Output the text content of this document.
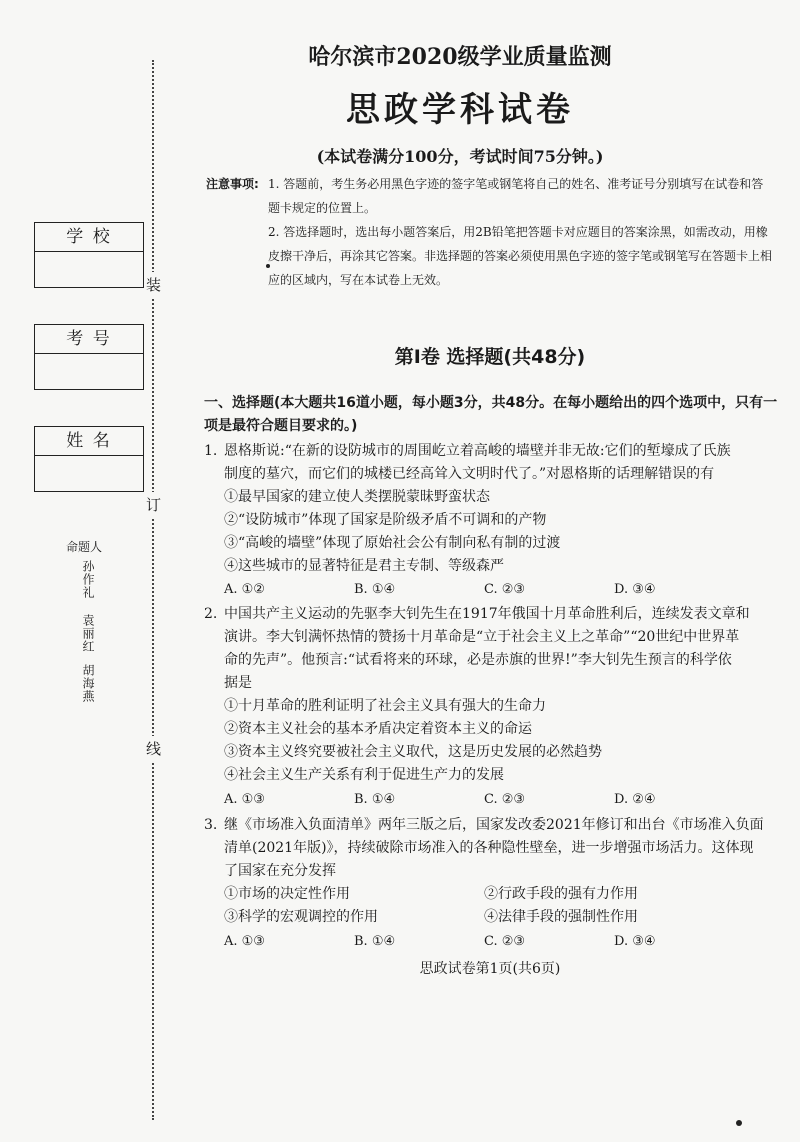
装
订
线
学 校
考 号
姓 名
命题人
孙作礼
袁丽红
胡海燕
哈尔滨市2020级学业质量监测
思政学科试卷
(本试卷满分100分，考试时间75分钟。)
注意事项: 1. 答题前，考生务必用黑色字迹的签字笔或钢笔将自己的姓名、准考证号分别填写在试卷和答题卡规定的位置上。
2. 答选择题时，选出每小题答案后，用2B铅笔把答题卡对应题目的答案涂黑，如需改动，用橡皮擦干净后，再涂其它答案。非选择题的答案必须使用黑色字迹的签字笔或钢笔写在答题卡上相应的区域内，写在本试卷上无效。
第Ⅰ卷 选择题(共48分)
一、选择题(本大题共16道小题，每小题3分，共48分。在每小题给出的四个选项中，只有一项是最符合题目要求的。)
1. 恩格斯说:“在新的设防城市的周围屹立着高峻的墙壁并非无故:它们的堑壕成了氏族
制度的墓穴，而它们的城楼已经高耸入文明时代了。”对恩格斯的话理解错误的有
①最早国家的建立使人类摆脱蒙昧野蛮状态
②“设防城市”体现了国家是阶级矛盾不可调和的产物
③“高峻的墙壁”体现了原始社会公有制向私有制的过渡
④这些城市的显著特征是君主专制、等级森严
A. ①②	B. ①④	C. ②③	D. ③④
2. 中国共产主义运动的先驱李大钊先生在1917年俄国十月革命胜利后，连续发表文章和
演讲。李大钊满怀热情的赞扬十月革命是“立于社会主义上之革命”“20世纪中世界革
命的先声”。他预言:“试看将来的环球，必是赤旗的世界!”李大钊先生预言的科学依
据是
①十月革命的胜利证明了社会主义具有强大的生命力
②资本主义社会的基本矛盾决定着资本主义的命运
③资本主义终究要被社会主义取代，这是历史发展的必然趋势
④社会主义生产关系有利于促进生产力的发展
A. ①③	B. ①④	C. ②③	D. ②④
3. 继《市场准入负面清单》两年三版之后，国家发改委2021年修订和出台《市场准入负面
清单(2021年版)》，持续破除市场准入的各种隐性壁垒，进一步增强市场活力。这体现
了国家在充分发挥
①市场的决定性作用	②行政手段的强有力作用
③科学的宏观调控的作用	④法律手段的强制性作用
A. ①③	B. ①④	C. ②③	D. ③④
思政试卷第1页(共6页)
